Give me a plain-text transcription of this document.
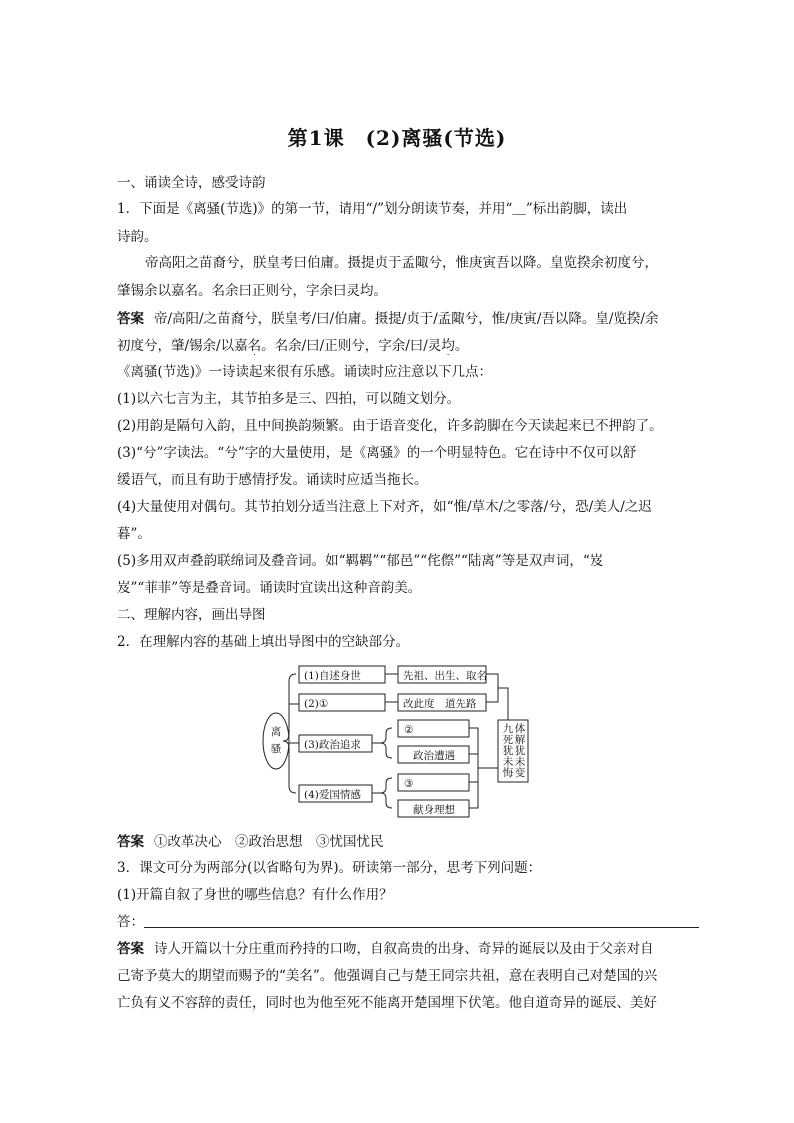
第1课　(2)离骚(节选)
一、诵读全诗，感受诗韵
1．下面是《离骚(节选)》的第一节，请用“/”划分朗读节奏，并用“＿”标出韵脚，读出
诗韵。
帝高阳之苗裔兮，朕皇考曰伯庸。摄提贞于孟陬兮，惟庚寅吾以降。皇览揆余初度兮，
肇锡余以嘉名。名余曰正则兮，字余曰灵均。
答案 帝/高阳/之苗裔兮，朕皇考/曰/伯庸。摄提/贞于/孟陬兮，惟/庚寅/吾以降。皇/览揆/余
初度兮，肇/锡余/以嘉名 ﹒。名余/曰/正则兮，字余/曰/灵均 ﹒。
《离骚(节选)》一诗读起来很有乐感。诵读时应注意以下几点：
(1)以六七言为主，其节拍多是三、四拍，可以随文划分。
(2)用韵是隔句入韵，且中间换韵频繁。由于语音变化，许多韵脚在今天读起来已不押韵了。
(3)“兮”字读法。“兮”字的大量使用，是《离骚》的一个明显特色。它在诗中不仅可以舒
缓语气，而且有助于感情抒发。诵读时应适当拖长。
(4)大量使用对偶句。其节拍划分适当注意上下对齐，如“惟/草木/之零落/兮，恐/美人/之迟
暮”。
(5)多用双声叠韵联绵词及叠音词。如“羁羁”“郁邑”“侘傺”“陆离”等是双声词，“岌
岌”“菲菲”等是叠音词。诵读时宜读出这种音韵美。
二、理解内容，画出导图
2．在理解内容的基础上填出导图中的空缺部分。
离
骚
(1)自述身世
(2)①
(3)政治追求
(4)爱国情感
先祖、出生、取名
改此度　道先路
②
政治遭遇
③
献身理想
九
死
犹
未
悔
体
解
犹
未
变
答案 ①改革决心　②政治思想　③忧国忧民
3．课文可分为两部分(以省略句为界)。研读第一部分，思考下列问题：
(1)开篇自叙了身世的哪些信息？有什么作用？
答：
答案 诗人开篇以十分庄重而矜持的口吻，自叙高贵的出身、奇异的诞辰以及由于父亲对自
己寄予莫大的期望而赐予的“美名”。他强调自己与楚王同宗共祖，意在表明自己对楚国的兴
亡负有义不容辞的责任，同时也为他至死不能离开楚国埋下伏笔。他自道奇异的诞辰、美好
